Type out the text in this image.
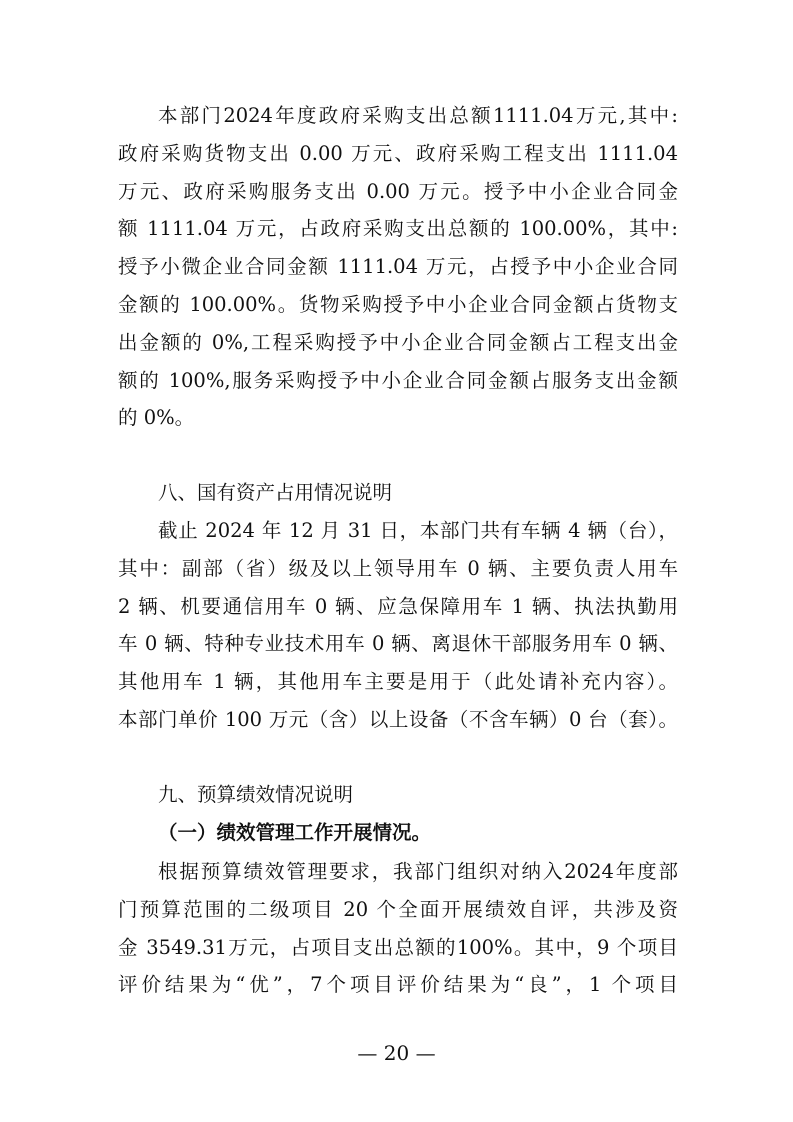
本部门2024年度政府采购支出总额1111.04万元,其中:
政府采购货物支出 0.00 万元、政府采购工程支出 1111.04
万元、政府采购服务支出 0.00 万元。授予中小企业合同金
额 1111.04 万元，占政府采购支出总额的 100.00%，其中:
授予小微企业合同金额 1111.04 万元，占授予中小企业合同
金额的 100.00%。货物采购授予中小企业合同金额占货物支
出金额的 0%,工程采购授予中小企业合同金额占工程支出金
额的 100%,服务采购授予中小企业合同金额占服务支出金额
的 0%。
八、国有资产占用情况说明
截止 2024 年 12 月 31 日，本部门共有车辆 4 辆（台），
其中：副部（省）级及以上领导用车 0 辆、主要负责人用车
2 辆、机要通信用车 0 辆、应急保障用车 1 辆、执法执勤用
车 0 辆、特种专业技术用车 0 辆、离退休干部服务用车 0 辆、
其他用车 1 辆，其他用车主要是用于（此处请补充内容）。
本部门单价 100 万元（含）以上设备（不含车辆）0 台（套）。
九、预算绩效情况说明
（一）绩效管理工作开展情况。
根据预算绩效管理要求，我部门组织对纳入2024年度部
门预算范围的二级项目 20 个全面开展绩效自评，共涉及资
金 3549.31万元，占项目支出总额的100%。其中，9 个项目
评价结果为“优”，7个项目评价结果为“良”，1 个项目
— 20 —
